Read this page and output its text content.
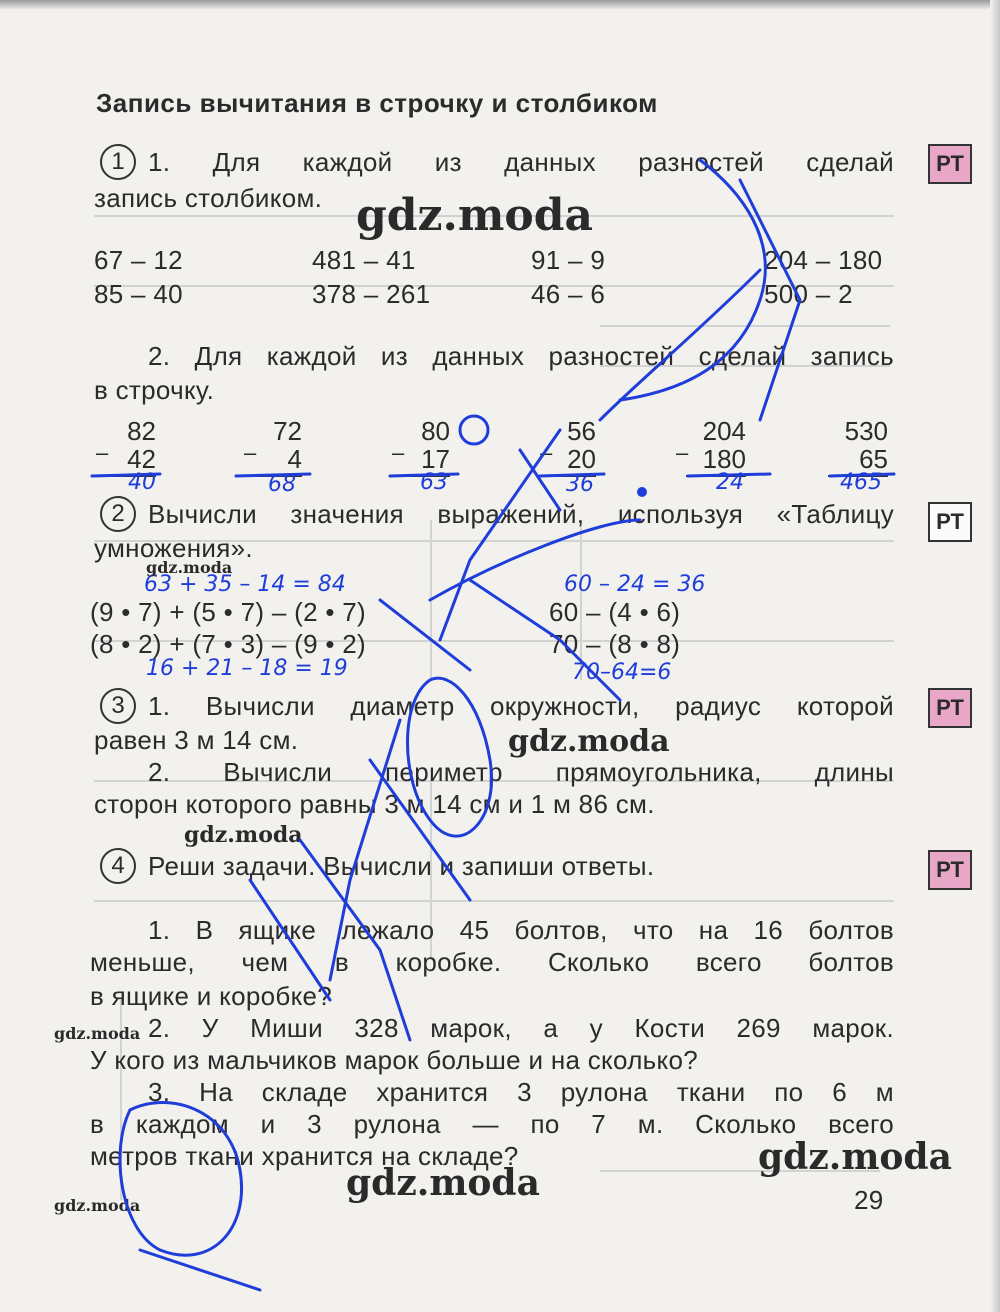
Запись вычитания в строчку и столбиком
1 1. Для каждой из данных разностей сделай
запись столбиком.
67 – 12	481 – 41	91 – 9	204 – 180
85 – 40	378 – 261	46 – 6	500 – 2
2. Для каждой из данных разностей сделай запись
в строчку.
82
– 42
40
72
–	4
68
80
– 17
63
56
– 20
36
204
– 180
24
530
65
465
2 Вычисли значения выражений, используя «Таблицу
умножения».
63 + 35 – 14 = 84
(9 • 7) + (5 • 7) – (2 • 7)
(8 • 2) + (7 • 3) – (9 • 2)
16 + 21 – 18 = 19
60 – 24 = 36
60 – (4 • 6)
70 – (8 • 8)
70–64=6
3 1. Вычисли диаметр окружности, радиус которой
равен 3 м 14 см.
2. Вычисли периметр прямоугольника, длины
сторон которого равны 3 м 14 см и 1 м 86 см.
4 Реши задачи. Вычисли и запиши ответы.
1. В ящике лежало 45 болтов, что на 16 болтов
меньше, чем в коробке. Сколько всего болтов
в ящике и коробке?
2. У Миши 328 марок, а у Кости 269 марок.
У кого из мальчиков марок больше и на сколько?
3. На складе хранится 3 рулона ткани по 6 м
в каждом и 3 рулона — по 7 м. Сколько всего
метров ткани хранится на складе?
29
РТ
РТ
РТ
РТ
gdz.moda
gdz.moda
gdz.moda
gdz.moda
gdz.moda
gdz.moda
gdz.moda
gdz.moda
